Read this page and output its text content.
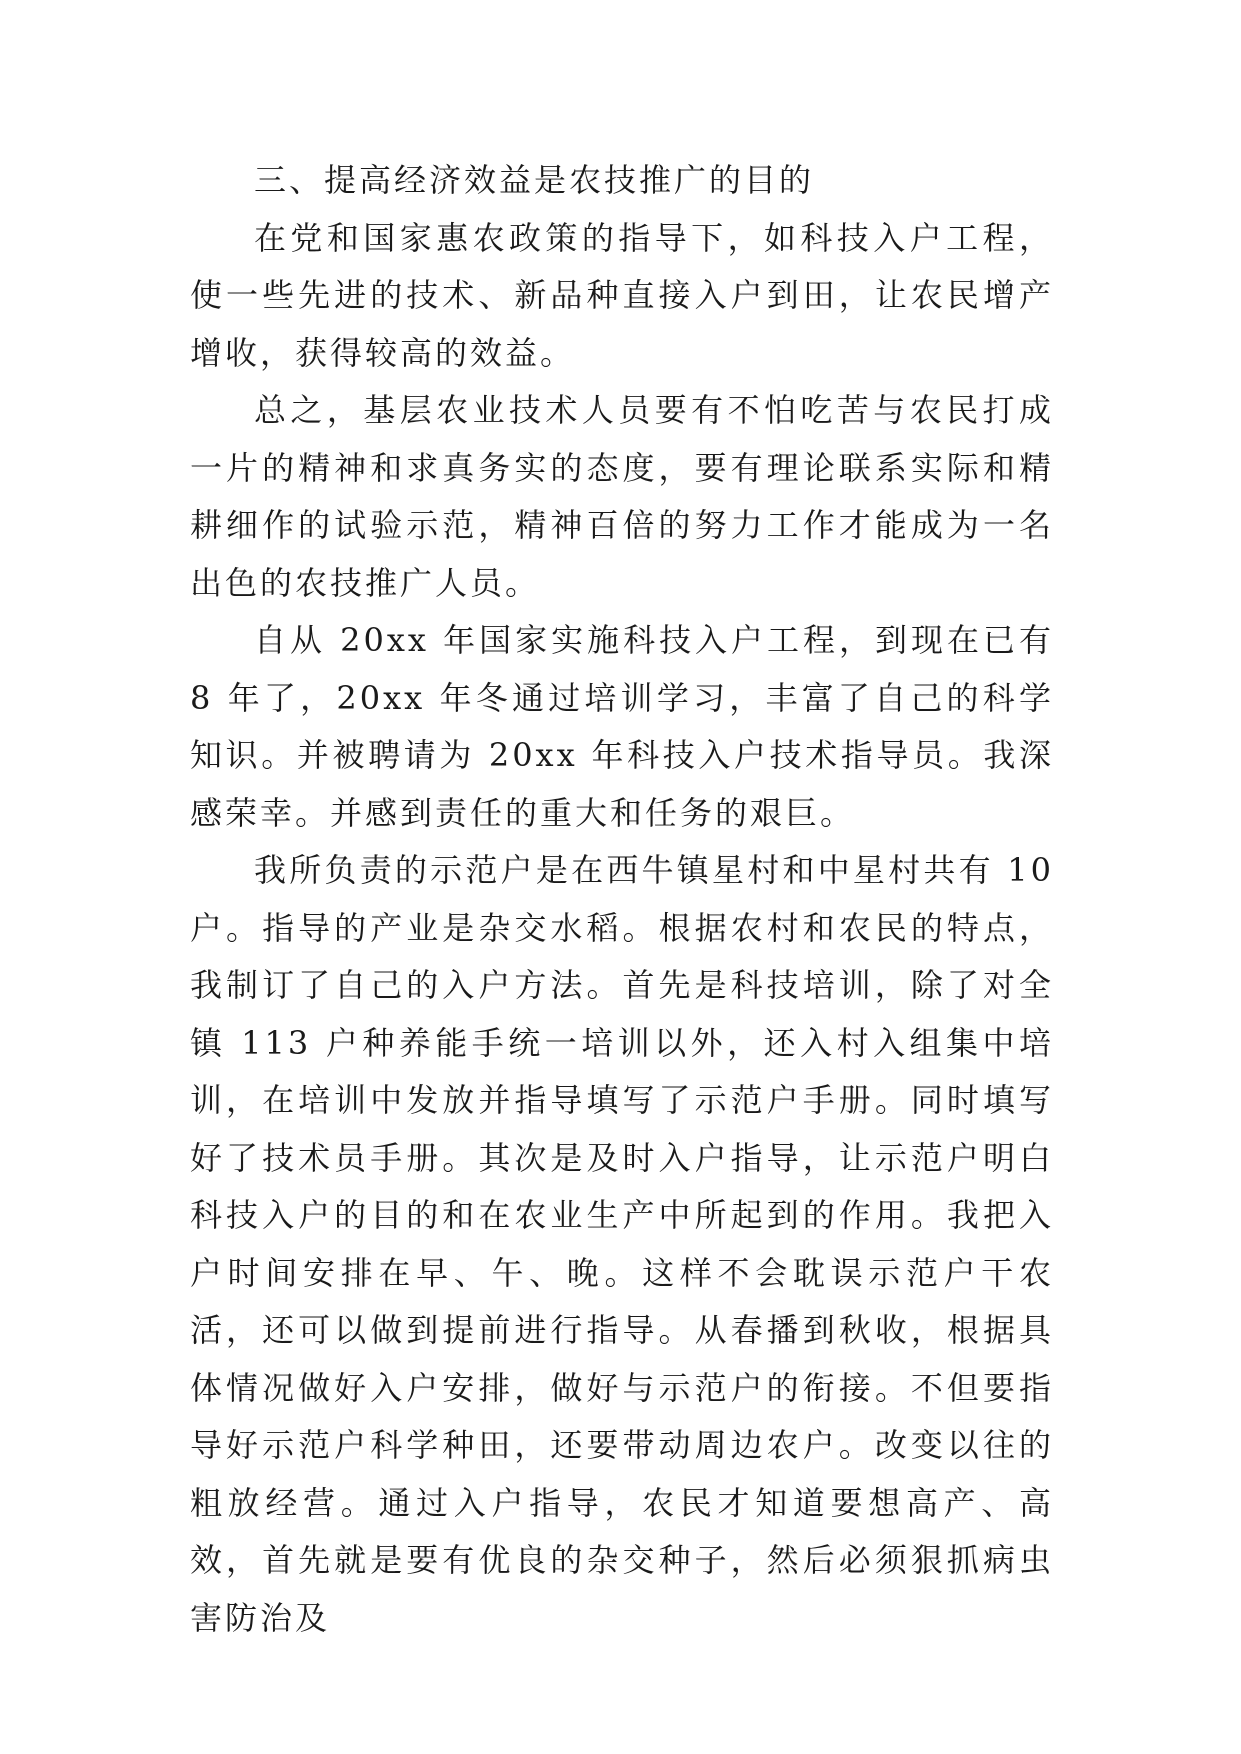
三、提高经济效益是农技推广的目的

在党和国家惠农政策的指导下，如科技入户工程，使一些先进的技术、新品种直接入户到田，让农民增产增收，获得较高的效益。

总之，基层农业技术人员要有不怕吃苦与农民打成一片的精神和求真务实的态度，要有理论联系实际和精耕细作的试验示范，精神百倍的努力工作才能成为一名出色的农技推广人员。

自从 20xx 年国家实施科技入户工程，到现在已有 8 年了，20xx 年冬通过培训学习，丰富了自己的科学知识。并被聘请为 20xx 年科技入户技术指导员。我深感荣幸。并感到责任的重大和任务的艰巨。

我所负责的示范户是在西牛镇星村和中星村共有 10 户。指导的产业是杂交水稻。根据农村和农民的特点，我制订了自己的入户方法。首先是科技培训，除了对全镇 113 户种养能手统一培训以外，还入村入组集中培训，在培训中发放并指导填写了示范户手册。同时填写好了技术员手册。其次是及时入户指导，让示范户明白科技入户的目的和在农业生产中所起到的作用。我把入户时间安排在早、午、晚。这样不会耽误示范户干农活，还可以做到提前进行指导。从春播到秋收，根据具体情况做好入户安排，做好与示范户的衔接。不但要指导好示范户科学种田，还要带动周边农户。改变以往的粗放经营。通过入户指导，农民才知道要想高产、高效，首先就是要有优良的杂交种子，然后必须狠抓病虫害防治及
